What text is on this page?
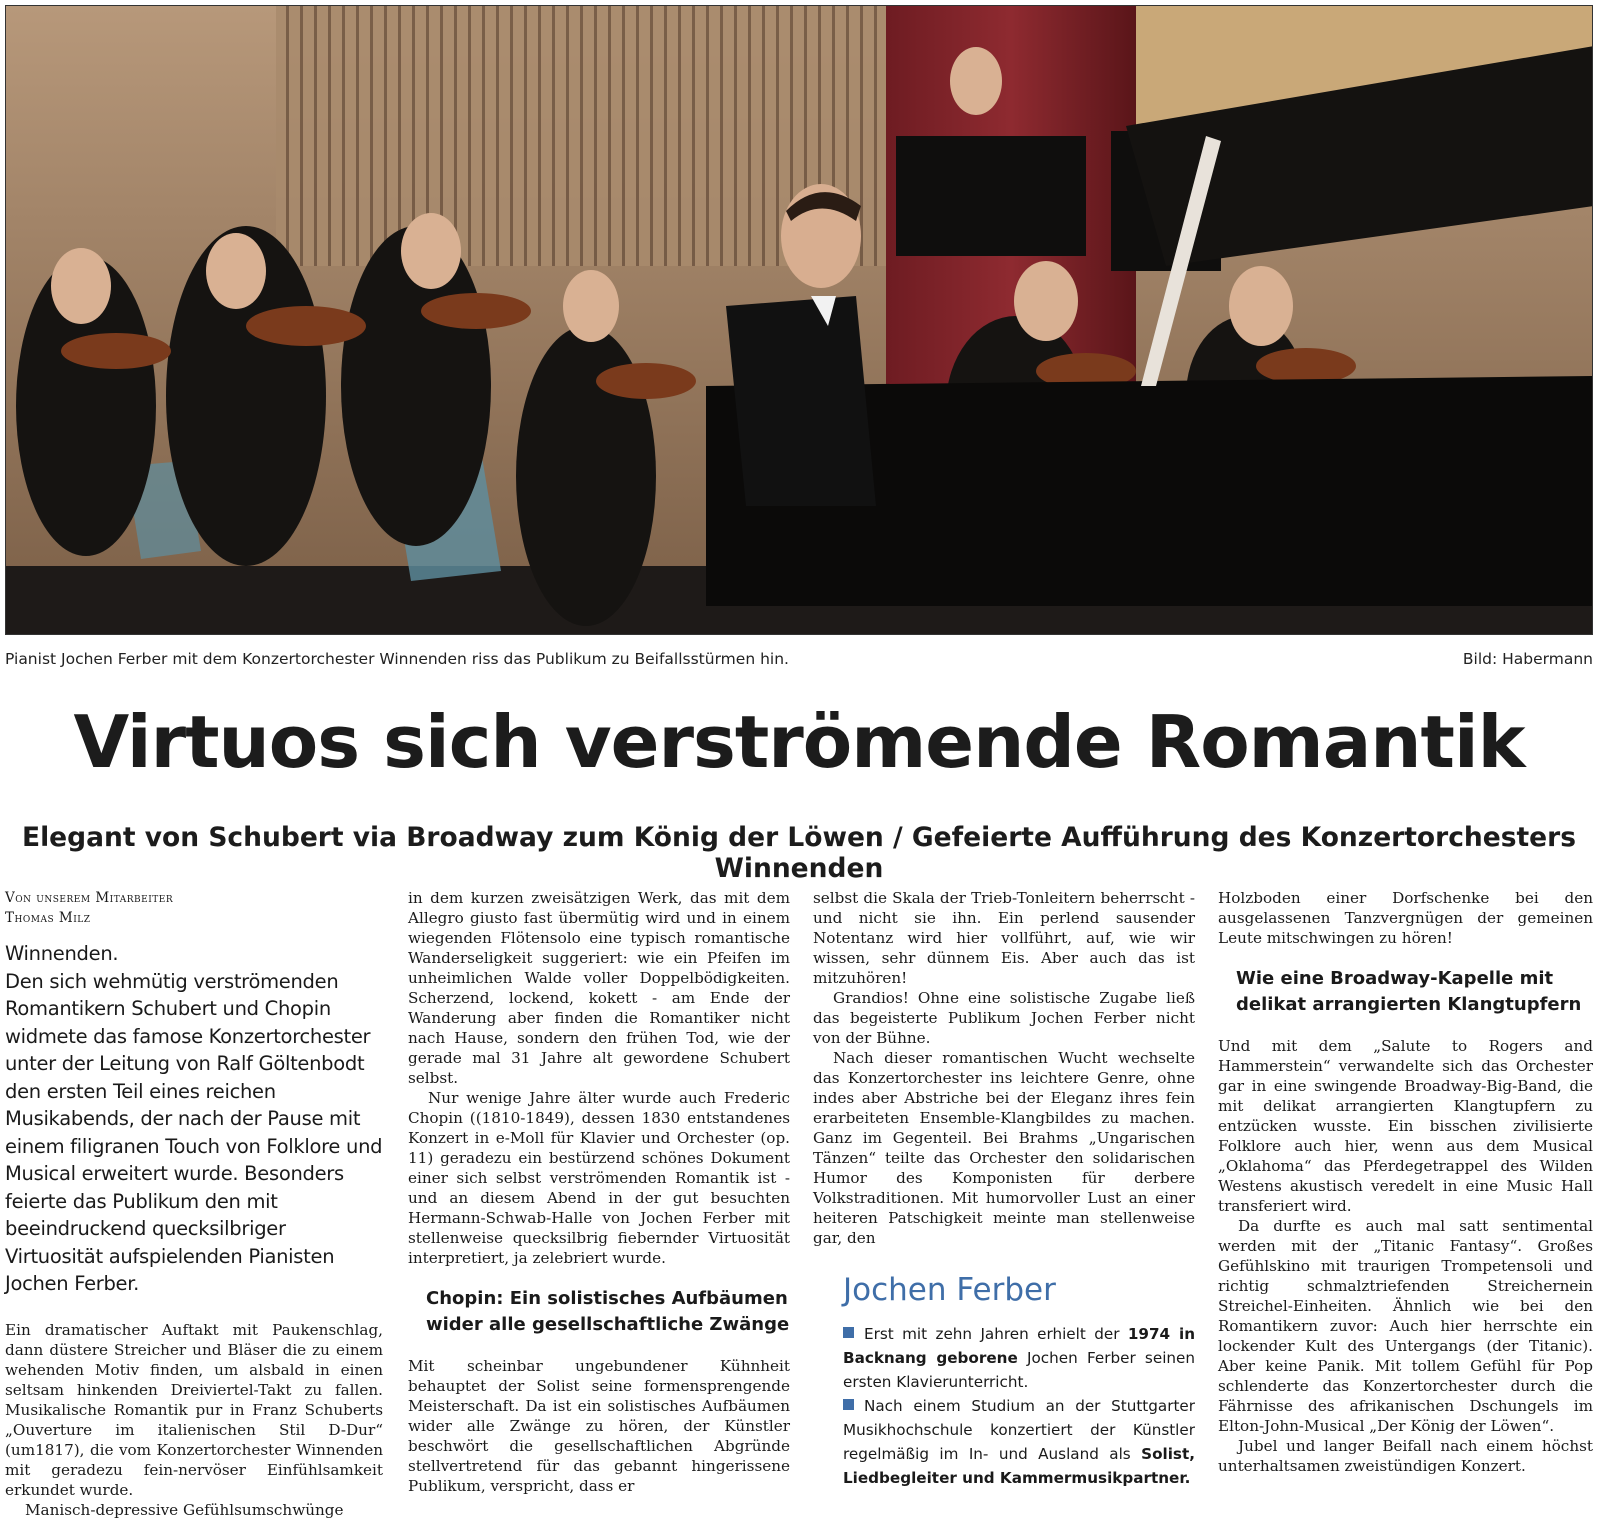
Pianist Jochen Ferber mit dem Konzertorchester Winnenden riss das Publikum zu Beifallsstürmen hin.	Bild: Habermann
Virtuos sich verströmende Romantik
Elegant von Schubert via Broadway zum König der Löwen / Gefeierte Aufführung des Konzertorchesters Winnenden

Von unserem Mitarbeiter
Thomas Milz

Winnenden.
Den sich wehmütig verströmenden Romantikern Schubert und Chopin widmete das famose Konzertorchester unter der Leitung von Ralf Göltenbodt den ersten Teil eines reichen Musikabends, der nach der Pause mit einem filigranen Touch von Folklore und Musical erweitert wurde. Besonders feierte das Publikum den mit beeindruckend quecksilbriger Virtuosität aufspielenden Pianisten Jochen Ferber.

Ein dramatischer Auftakt mit Paukenschlag, dann düstere Streicher und Bläser die zu einem wehenden Motiv finden, um alsbald in einen seltsam hinkenden Dreiviertel-Takt zu fallen. Musikalische Romantik pur in Franz Schuberts „Ouverture im italienischen Stil D-Dur“ (um1817), die vom Konzertorchester Winnenden mit geradezu fein-nervöser Einfühlsamkeit erkundet wurde.

Manisch-depressive Gefühlsumschwünge

in dem kurzen zweisätzigen Werk, das mit dem Allegro giusto fast übermütig wird und in einem wiegenden Flötensolo eine typisch romantische Wanderseligkeit suggeriert: wie ein Pfeifen im unheimlichen Walde voller Doppelbödigkeiten. Scherzend, lockend, kokett - am Ende der Wanderung aber finden die Romantiker nicht nach Hause, sondern den frühen Tod, wie der gerade mal 31 Jahre alt gewordene Schubert selbst.

Nur wenige Jahre älter wurde auch Frederic Chopin ((1810-1849), dessen 1830 entstandenes Konzert in e-Moll für Klavier und Orchester (op. 11) geradezu ein bestürzend schönes Dokument einer sich selbst verströmenden Romantik ist - und an diesem Abend in der gut besuchten Hermann-Schwab-Halle von Jochen Ferber mit stellenweise quecksilbrig fiebernder Virtuosität interpretiert, ja zelebriert wurde.

Chopin: Ein solistisches Aufbäumen wider alle gesellschaftliche Zwänge

Mit scheinbar ungebundener Kühnheit behauptet der Solist seine formensprengende Meisterschaft. Da ist ein solistisches Aufbäumen wider alle Zwänge zu hören, der Künstler beschwört die gesellschaftlichen Abgründe stellvertretend für das gebannt hingerissene Publikum, verspricht, dass er

selbst die Skala der Trieb-Tonleitern beherrscht - und nicht sie ihn. Ein perlend sausender Notentanz wird hier vollführt, auf, wie wir wissen, sehr dünnem Eis. Aber auch das ist mitzuhören!

Grandios! Ohne eine solistische Zugabe ließ das begeisterte Publikum Jochen Ferber nicht von der Bühne.

Nach dieser romantischen Wucht wechselte das Konzertorchester ins leichtere Genre, ohne indes aber Abstriche bei der Eleganz ihres fein erarbeiteten Ensemble-Klangbildes zu machen. Ganz im Gegenteil. Bei Brahms „Ungarischen Tänzen“ teilte das Orchester den solidarischen Humor des Komponisten für derbere Volkstraditionen. Mit humorvoller Lust an einer heiteren Patschigkeit meinte man stellenweise gar, den

Jochen Ferber

Erst mit zehn Jahren erhielt der 1974 in Backnang geborene Jochen Ferber seinen ersten Klavierunterricht.
Nach einem Studium an der Stuttgarter Musikhochschule konzertiert der Künstler regelmäßig im In- und Ausland als Solist, Liedbegleiter und Kammermusikpartner.

Holzboden einer Dorfschenke bei den ausgelassenen Tanzvergnügen der gemeinen Leute mitschwingen zu hören!

Wie eine Broadway-Kapelle mit delikat arrangierten Klangtupfern

Und mit dem „Salute to Rogers and Hammerstein“ verwandelte sich das Orchester gar in eine swingende Broadway-Big-Band, die mit delikat arrangierten Klangtupfern zu entzücken wusste. Ein bisschen zivilisierte Folklore auch hier, wenn aus dem Musical „Oklahoma“ das Pferdegetrappel des Wilden Westens akustisch veredelt in eine Music Hall transferiert wird.

Da durfte es auch mal satt sentimental werden mit der „Titanic Fantasy“. Großes Gefühlskino mit traurigen Trompetensoli und richtig schmalztriefenden Streichernein Streichel-Einheiten. Ähnlich wie bei den Romantikern zuvor: Auch hier herrschte ein lockender Kult des Untergangs (der Titanic). Aber keine Panik. Mit tollem Gefühl für Pop schlenderte das Konzertorchester durch die Fährnisse des afrikanischen Dschungels im Elton-John-Musical „Der König der Löwen“.

Jubel und langer Beifall nach einem höchst unterhaltsamen zweistündigen Konzert.
